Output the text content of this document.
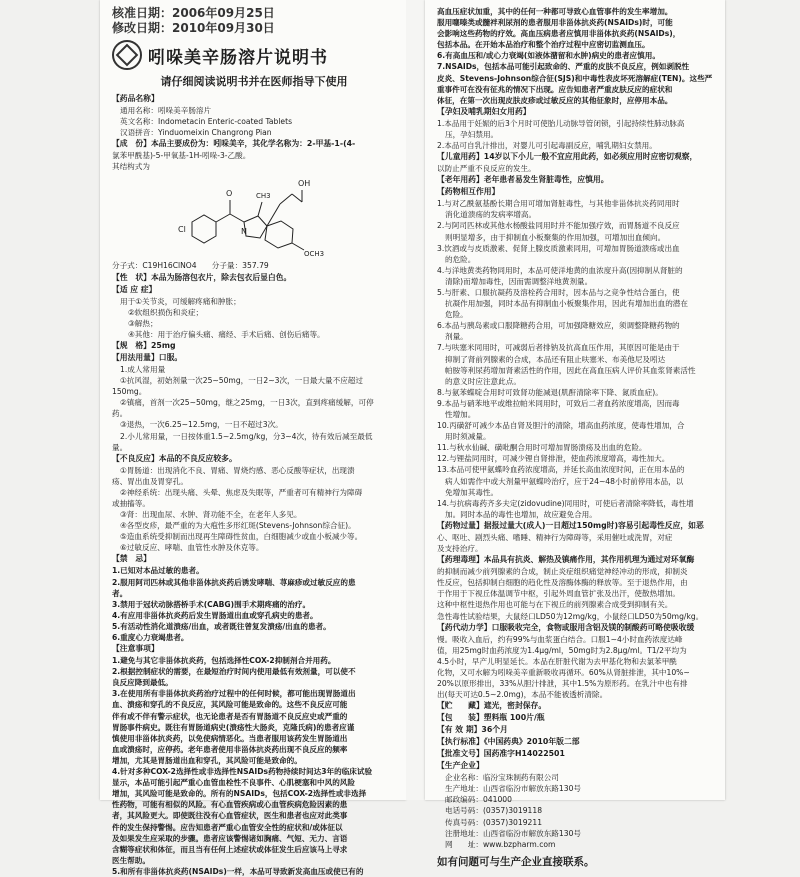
核准日期：2006年09月25日
修改日期：2010年09月30日
吲哚美辛肠溶片说明书
请仔细阅读说明书并在医师指导下使用
【药品名称】
通用名称：吲哚美辛肠溶片
英文名称：Indometacin Enteric-coated Tablets
汉语拼音：Yinduomeixin Changrong Pian
【成　份】本品主要成份为：吲哚美辛，其化学名称为：2-甲基-1-(4-
氯苯甲酰基)-5-甲氧基-1H-吲哚-3-乙酸。
其结构式为
Cl
O
N
CH3
OH
OCH3
分子式：C19H16ClNO4　　分子量：357.79
【性　状】本品为肠溶包衣片，除去包衣后显白色。
【适 应 症】
用于①关节炎，可缓解疼痛和肿胀；
②软组织损伤和炎症；
③解热；
④其他：用于治疗偏头痛、痛经、手术后痛、创伤后痛等。
【规　格】25mg
【用法用量】口服。
1.成人常用量
①抗风湿，初始剂量一次25~50mg，一日2~3次，一日最大量不应超过
150mg。
②镇痛，首剂一次25~50mg，继之25mg，一日3次，直到疼痛缓解，可停
药。
③退热，一次6.25~12.5mg，一日不超过3次。
2.小儿常用量，一日按体重1.5~2.5mg/kg，分3~4次，待有效后减至最低
量。
【不良反应】本品的不良反应较多。
①胃肠道：出现消化不良、胃痛、胃烧灼感、恶心反酸等症状，出现溃
疡、胃出血及胃穿孔。
②神经系统：出现头痛、头晕、焦虑及失眠等，严重者可有精神行为障碍
或抽搐等。
③肾：出现血尿、水肿、肾功能不全，在老年人多见。
④各型皮疹，最严重的为大疱性多形红斑(Stevens-Johnson综合征)。
⑤造血系统受抑制而出现再生障碍性贫血，白细胞减少或血小板减少等。
⑥过敏反应、哮喘、血管性水肿及休克等。
【禁　忌】
1.已知对本品过敏的患者。
2.服用阿司匹林或其他非甾体抗炎药后诱发哮喘、荨麻疹或过敏反应的患
者。
3.禁用于冠状动脉搭桥手术(CABG)围手术期疼痛的治疗。
4.有应用非甾体抗炎药后发生胃肠道出血或穿孔病史的患者。
5.有活动性消化道溃疡/出血，或者既往曾复发溃疡/出血的患者。
6.重度心力衰竭患者。
【注意事项】
1.避免与其它非甾体抗炎药，包括选择性COX-2抑制剂合并用药。
2.根据控制症状的需要，在最短治疗时间内使用最低有效剂量，可以使不
良反应降到最低。
3.在使用所有非甾体抗炎药治疗过程中的任何时候，都可能出现胃肠道出
血、溃疡和穿孔的不良反应，其风险可能是致命的。这些不良反应可能
伴有或不伴有警示症状，也无论患者是否有胃肠道不良反应史或严重的
胃肠事件病史。既往有胃肠道病史(溃疡性大肠炎，克隆氏病)的患者应谨
慎使用非甾体抗炎药，以免使病情恶化。当患者服用该药发生胃肠道出
血或溃疡时，应停药。老年患者使用非甾体抗炎药出现不良反应的频率
增加，尤其是胃肠道出血和穿孔，其风险可能是致命的。
4.针对多种COX-2选择性或非选择性NSAIDs药物持续时间达3年的临床试验
显示，本品可能引起严重心血管血栓性不良事件、心肌梗塞和中风的风险
增加，其风险可能是致命的。所有的NSAIDs，包括COX-2选择性或非选择
性药物，可能有相似的风险。有心血管疾病或心血管疾病危险因素的患
者，其风险更大。即使既往没有心血管症状，医生和患者也应对此类事
件的发生保持警惕。应告知患者严重心血管安全性的症状和/或体征以
及如果发生应采取的步骤。患者应该警惕诸如胸痛、气短、无力、言语
含糊等症状和体征，而且当有任何上述症状或体征发生后应该马上寻求
医生帮助。
5.和所有非甾体抗炎药(NSAIDs)一样，本品可导致新发高血压或使已有的
高血压症状加重，其中的任何一种都可导致心血管事件的发生率增加。
服用噻嗪类或髓袢利尿剂的患者服用非甾体抗炎药(NSAIDs)时，可能
会影响这些药物的疗效。高血压病患者应慎用非甾体抗炎药(NSAIDs)，
包括本品。在开始本品治疗和整个治疗过程中应密切监测血压。
6.有高血压和/或心力衰竭(如液体潴留和水肿)病史的患者应慎用。
7.NSAIDs，包括本品可能引起致命的、严重的皮肤不良反应，例如剥脱性
皮炎、Stevens-Johnson综合征(SJS)和中毒性表皮坏死溶解症(TEN)。这些严
重事件可在没有征兆的情况下出现。应告知患者严重皮肤反应的症状和
体征，在第一次出现皮肤皮疹或过敏反应的其他征象时，应停用本品。
【孕妇及哺乳期妇女用药】
1.本品用于妊娠的后3个月时可使胎儿动脉导管闭锁，引起持续性肺动脉高
压，孕妇禁用。
2.本品可自乳汁排出，对婴儿可引起毒副反应，哺乳期妇女禁用。
【儿童用药】14岁以下小儿一般不宜应用此药，如必须应用时应密切观察，
以防止严重不良反应的发生。
【老年用药】老年患者易发生肾脏毒性，应慎用。
【药物相互作用】
1.与对乙酰氨基酚长期合用可增加肾脏毒性，与其他非甾体抗炎药同用时
消化道溃疡的发病率增高。
2.与阿司匹林或其他水杨酸盐同用时并不能加强疗效，而胃肠道不良反应
则明显增多，由于抑制血小板聚集的作用加强，可增加出血倾向。
3.饮酒或与皮质激素、促肾上腺皮质激素同用，可增加胃肠道溃疡或出血
的危险。
4.与洋地黄类药物同用时，本品可使洋地黄的血浓度升高(因抑制从肾脏的
清除)而增加毒性，因而需调整洋地黄剂量。
5.与肝素、口服抗凝药及溶栓药合用时，因本品与之竞争性结合蛋白，使
抗凝作用加强，同时本品有抑制血小板聚集作用，因此有增加出血的潜在
危险。
6.本品与胰岛素或口服降糖药合用，可加强降糖效应，须调整降糖药物的
剂量。
7.与呋塞米同用时，可减弱后者排钠及抗高血压作用，其原因可能是由于
抑制了肾前列腺素的合成，本品还有阻止呋塞米、布美他尼及吲达
帕胺等利尿药增加肾素活性的作用，因此在高血压病人评价其血浆肾素活性
的意义时应注意此点。
8.与氨苯蝶啶合用时可致肾功能减退(肌酐清除率下降、氮质血症)。
9.本品与硝苯地平或维拉帕米同用时，可致后二者血药浓度增高，因而毒
性增加。
10.丙磺舒可减少本品自肾及胆汁的清除，增高血药浓度，使毒性增加，合
用时须减量。
11.与秋水仙碱、磺吡酮合用时可增加胃肠溃疡及出血的危险。
12.与锂盐同用时，可减少锂自肾排泄，使血药浓度增高，毒性加大。
13.本品可使甲氨蝶呤血药浓度增高，并延长高血浓度时间，正在用本品的
病人如需作中或大剂量甲氨蝶呤治疗，应于24~48小时前停用本品，以
免增加其毒性。
14.与抗病毒药齐多夫定(zidovudine)同用时，可使后者清除率降低，毒性增
加。同时本品的毒性也增加，故应避免合用。
【药物过量】据报过量大(成人)一日超过150mg时)容易引起毒性反应，如恶
心、呕吐、剧烈头痛、嗜睡、精神行为障碍等，采用催吐或洗胃，对症
及支持治疗。
【药理毒理】本品具有抗炎、解热及镇痛作用，其作用机理为通过对环氧酶
的抑制而减少前列腺素的合成，制止炎症组织痛觉神经冲动的形成，抑制炎
性反应，包括抑制白细胞的趋化性及溶酶体酶的释放等。至于退热作用，由
于作用于下视丘体温调节中枢，引起外周血管扩张及出汗，使散热增加。
这种中枢性退热作用也可能与在下视丘的前列腺素合成受到抑制有关。
急性毒性试验结果，大鼠经口LD50为12mg/kg，小鼠经口LD50为50mg/kg。
【药代动力学】口服吸收完全，食物或服用含铝及镁的制酸药可略使吸收缓
慢。吸收入血后，约有99%与血浆蛋白结合。口服1~4小时血药浓度达峰
值，用25mg时血药浓度为1.4μg/ml，50mg时为2.8μg/ml。T1/2平均为
4.5小时，早产儿明显延长。本品在肝脏代谢为去甲基化物和去氯苯甲酰
化物，又可水解为吲哚美辛重新吸收再循环。60%从肾脏排泄，其中10%~
20%以原形排出，33%从胆汁排泄，其中1.5%为原形药。在乳汁中也有排
出(每天可达0.5~2.0mg)，本品不能被透析清除。
【贮　　藏】遮光，密封保存。
【包　　装】塑料瓶 100片/瓶
【有 效 期】36个月
【执行标准】《中国药典》2010年版二部
【批准文号】国药准字H14022501
【生产企业】
企业名称：临汾宝珠制药有限公司
生产地址：山西省临汾市解放东路130号
邮政编码：041000
电话号码：(0357)3019118
传真号码：(0357)3019211
注册地址：山西省临汾市解放东路130号
网　　址：www.bzpharm.com
如有问题可与生产企业直接联系。
